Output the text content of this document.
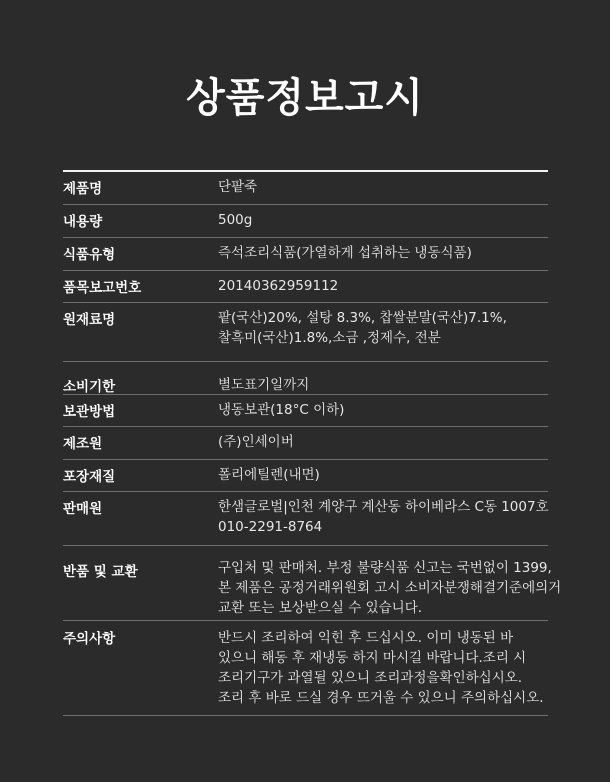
상품정보고시
제품명	단팥죽
내용량	500g
식품유형	즉석조리식품(가열하게 섭취하는 냉동식품)
품목보고번호	20140362959112
원재료명	팥(국산)20%, 설탕 8.3%, 찹쌀분말(국산)7.1%,
찰흑미(국산)1.8%,소금 ,정제수, 전분
소비기한	별도표기일까지
보관방법	냉동보관(18°C 이하)
제조원	(주)인세이버
포장재질	폴리에틸렌(내면)
판매원	한샘글로벌|인천 계양구 계산동 하이베라스 C동 1007호
010-2291-8764
반품 및 교환	구입처 및 판매처. 부정 불량식품 신고는 국번없이 1399,
본 제품은 공정거래위원회 고시 소비자분쟁해결기준에의거
교환 또는 보상받으실 수 있습니다.
주의사항	반드시 조리하여 익힌 후 드십시오. 이미 냉동된 바
있으니 해동 후 재냉동 하지 마시길 바랍니다.조리 시
조리기구가 과열될 있으니 조리과정을확인하십시오.
조리 후 바로 드실 경우 뜨거울 수 있으니 주의하십시오.
